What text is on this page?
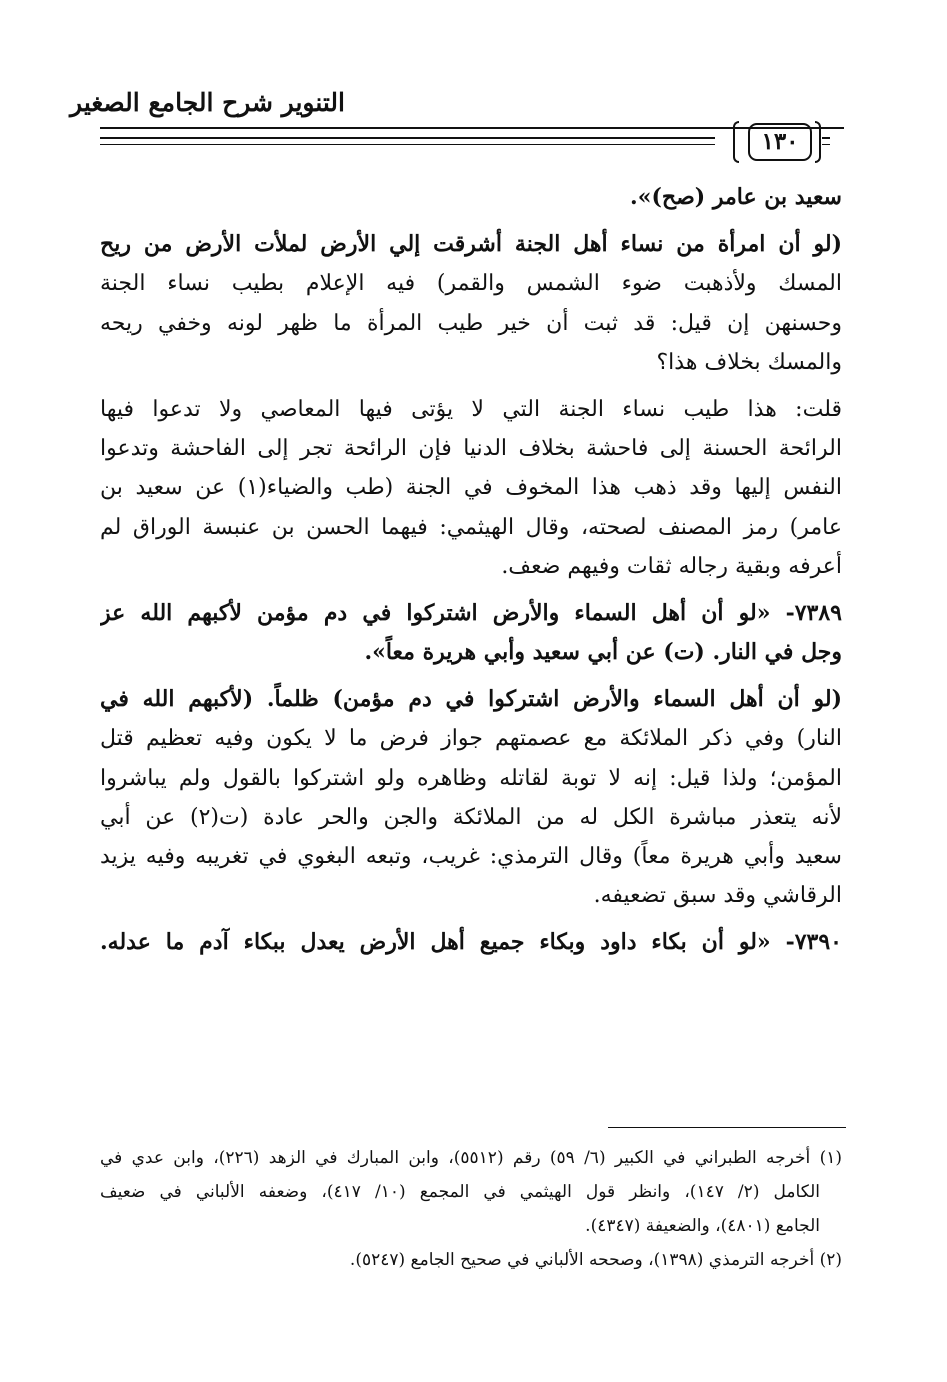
التنوير شرح الجامع الصغير
١٣٠
سعيد بن عامر (صح)».
(لو أن امرأة من نساء أهل الجنة أشرقت إلي الأرض لملأت الأرض من ريح
المسك ولأذهبت ضوء الشمس والقمر) فيه الإعلام بطيب نساء الجنة
وحسنهن إن قيل: قد ثبت أن خير طيب المرأة ما ظهر لونه وخفي ريحه
والمسك بخلاف هذا؟
قلت: هذا طيب نساء الجنة التي لا يؤتى فيها المعاصي ولا تدعوا فيها
الرائحة الحسنة إلى فاحشة بخلاف الدنيا فإن الرائحة تجر إلى الفاحشة وتدعوا
النفس إليها وقد ذهب هذا المخوف في الجنة (طب والضياء(١) عن سعيد بن
عامر) رمز المصنف لصحته، وقال الهيثمي: فيهما الحسن بن عنبسة الوراق لم
أعرفه وبقية رجاله ثقات وفيهم ضعف.
٧٣٨٩- «لو أن أهل السماء والأرض اشتركوا في دم مؤمن لأكبهم الله عز
وجل في النار. (ت) عن أبي سعيد وأبي هريرة معاً».
(لو أن أهل السماء والأرض اشتركوا في دم مؤمن) ظلماً. (لأكبهم الله في
النار) وفي ذكر الملائكة مع عصمتهم جواز فرض ما لا يكون وفيه تعظيم قتل
المؤمن؛ ولذا قيل: إنه لا توبة لقاتله وظاهره ولو اشتركوا بالقول ولم يباشروا
لأنه يتعذر مباشرة الكل له من الملائكة والجن والحر عادة (ت(٢) عن أبي
سعيد وأبي هريرة معاً) وقال الترمذي: غريب، وتبعه البغوي في تغريبه وفيه يزيد
الرقاشي وقد سبق تضعيفه.
٧٣٩٠- «لو أن بكاء داود وبكاء جميع أهل الأرض يعدل ببكاء آدم ما عدله.
(١) أخرجه الطبراني في الكبير (٦/ ٥٩) رقم (٥٥١٢)، وابن المبارك في الزهد (٢٢٦)، وابن عدي في
الكامل (٢/ ١٤٧)، وانظر قول الهيثمي في المجمع (١٠/ ٤١٧)، وضعفه الألباني في ضعيف
الجامع (٤٨٠١)، والضعيفة (٤٣٤٧).
(٢) أخرجه الترمذي (١٣٩٨)، وصححه الألباني في صحيح الجامع (٥٢٤٧).
